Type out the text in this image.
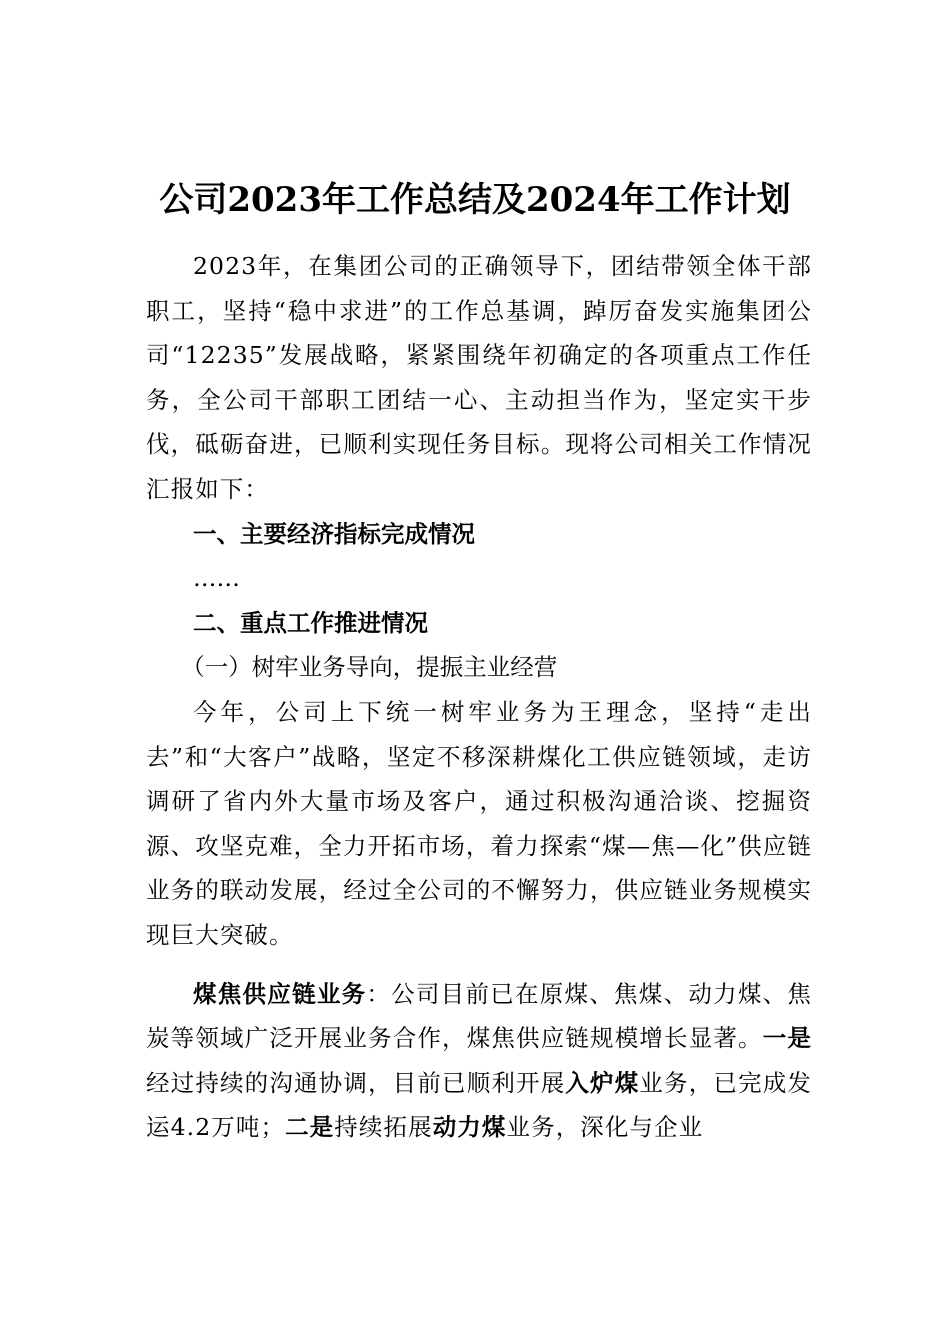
公司2023年工作总结及2024年工作计划

2023年，在集团公司的正确领导下，团结带领全体干部职工，坚持“稳中求进”的工作总基调，踔厉奋发实施集团公司“12235”发展战略，紧紧围绕年初确定的各项重点工作任务，全公司干部职工团结一心、主动担当作为，坚定实干步伐，砥砺奋进，已顺利实现任务目标。现将公司相关工作情况汇报如下：

一、主要经济指标完成情况

……

二、重点工作推进情况

（一）树牢业务导向，提振主业经营

今年，公司上下统一树牢业务为王理念，坚持“走出去”和“大客户”战略，坚定不移深耕煤化工供应链领域，走访调研了省内外大量市场及客户，通过积极沟通洽谈、挖掘资源、攻坚克难，全力开拓市场，着力探索“煤—焦—化”供应链业务的联动发展，经过全公司的不懈努力，供应链业务规模实现巨大突破。

煤焦供应链业务：公司目前已在原煤、焦煤、动力煤、焦炭等领域广泛开展业务合作，煤焦供应链规模增长显著。一是经过持续的沟通协调，目前已顺利开展入炉煤业务，已完成发运4.2万吨；二是持续拓展动力煤业务，深化与企业
